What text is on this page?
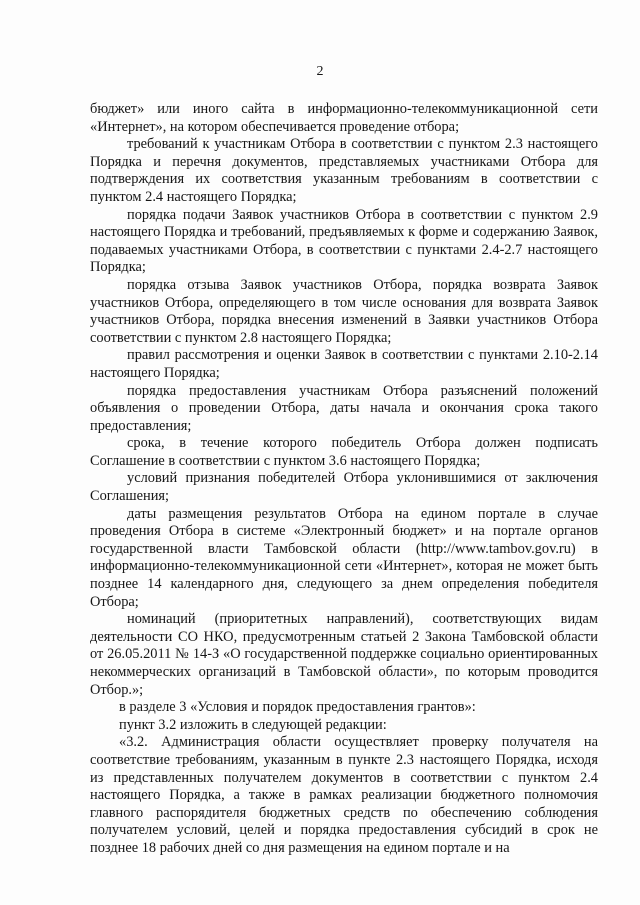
2

бюджет» или иного сайта в информационно-телекоммуникационной сети «Интернет», на котором обеспечивается проведение отбора;

требований к участникам Отбора в соответствии с пунктом 2.3 настоящего Порядка и перечня документов, представляемых участниками Отбора для подтверждения их соответствия указанным требованиям в соответствии с пунктом 2.4 настоящего Порядка;

порядка подачи Заявок участников Отбора в соответствии с пунктом 2.9 настоящего Порядка и требований, предъявляемых к форме и содержанию Заявок, подаваемых участниками Отбора, в соответствии с пунктами 2.4-2.7 настоящего Порядка;

порядка отзыва Заявок участников Отбора, порядка возврата Заявок участников Отбора, определяющего в том числе основания для возврата Заявок участников Отбора, порядка внесения изменений в Заявки участников Отбора соответствии с пунктом 2.8 настоящего Порядка;

правил рассмотрения и оценки Заявок в соответствии с пунктами 2.10-2.14 настоящего Порядка;

порядка предоставления участникам Отбора разъяснений положений объявления о проведении Отбора, даты начала и окончания срока такого предоставления;

срока, в течение которого победитель Отбора должен подписать Соглашение в соответствии с пунктом 3.6 настоящего Порядка;

условий признания победителей Отбора уклонившимися от заключения Соглашения;

даты размещения результатов Отбора на едином портале в случае проведения Отбора в системе «Электронный бюджет» и на портале органов государственной власти Тамбовской области (http://www.tambov.gov.ru) в информационно-телекоммуникационной сети «Интернет», которая не может быть позднее 14 календарного дня, следующего за днем определения победителя Отбора;

номинаций (приоритетных направлений), соответствующих видам деятельности СО НКО, предусмотренным статьей 2 Закона Тамбовской области от 26.05.2011 № 14-З «О государственной поддержке социально ориентированных некоммерческих организаций в Тамбовской области», по которым проводится Отбор.»;

в разделе 3 «Условия и порядок предоставления грантов»:

пункт 3.2 изложить в следующей редакции:

«3.2. Администрация области осуществляет проверку получателя на соответствие требованиям, указанным в пункте 2.3 настоящего Порядка, исходя из представленных получателем документов в соответствии с пунктом 2.4 настоящего Порядка, а также в рамках реализации бюджетного полномочия главного распорядителя бюджетных средств по обеспечению соблюдения получателем условий, целей и порядка предоставления субсидий в срок не позднее 18 рабочих дней со дня размещения на едином портале и на
